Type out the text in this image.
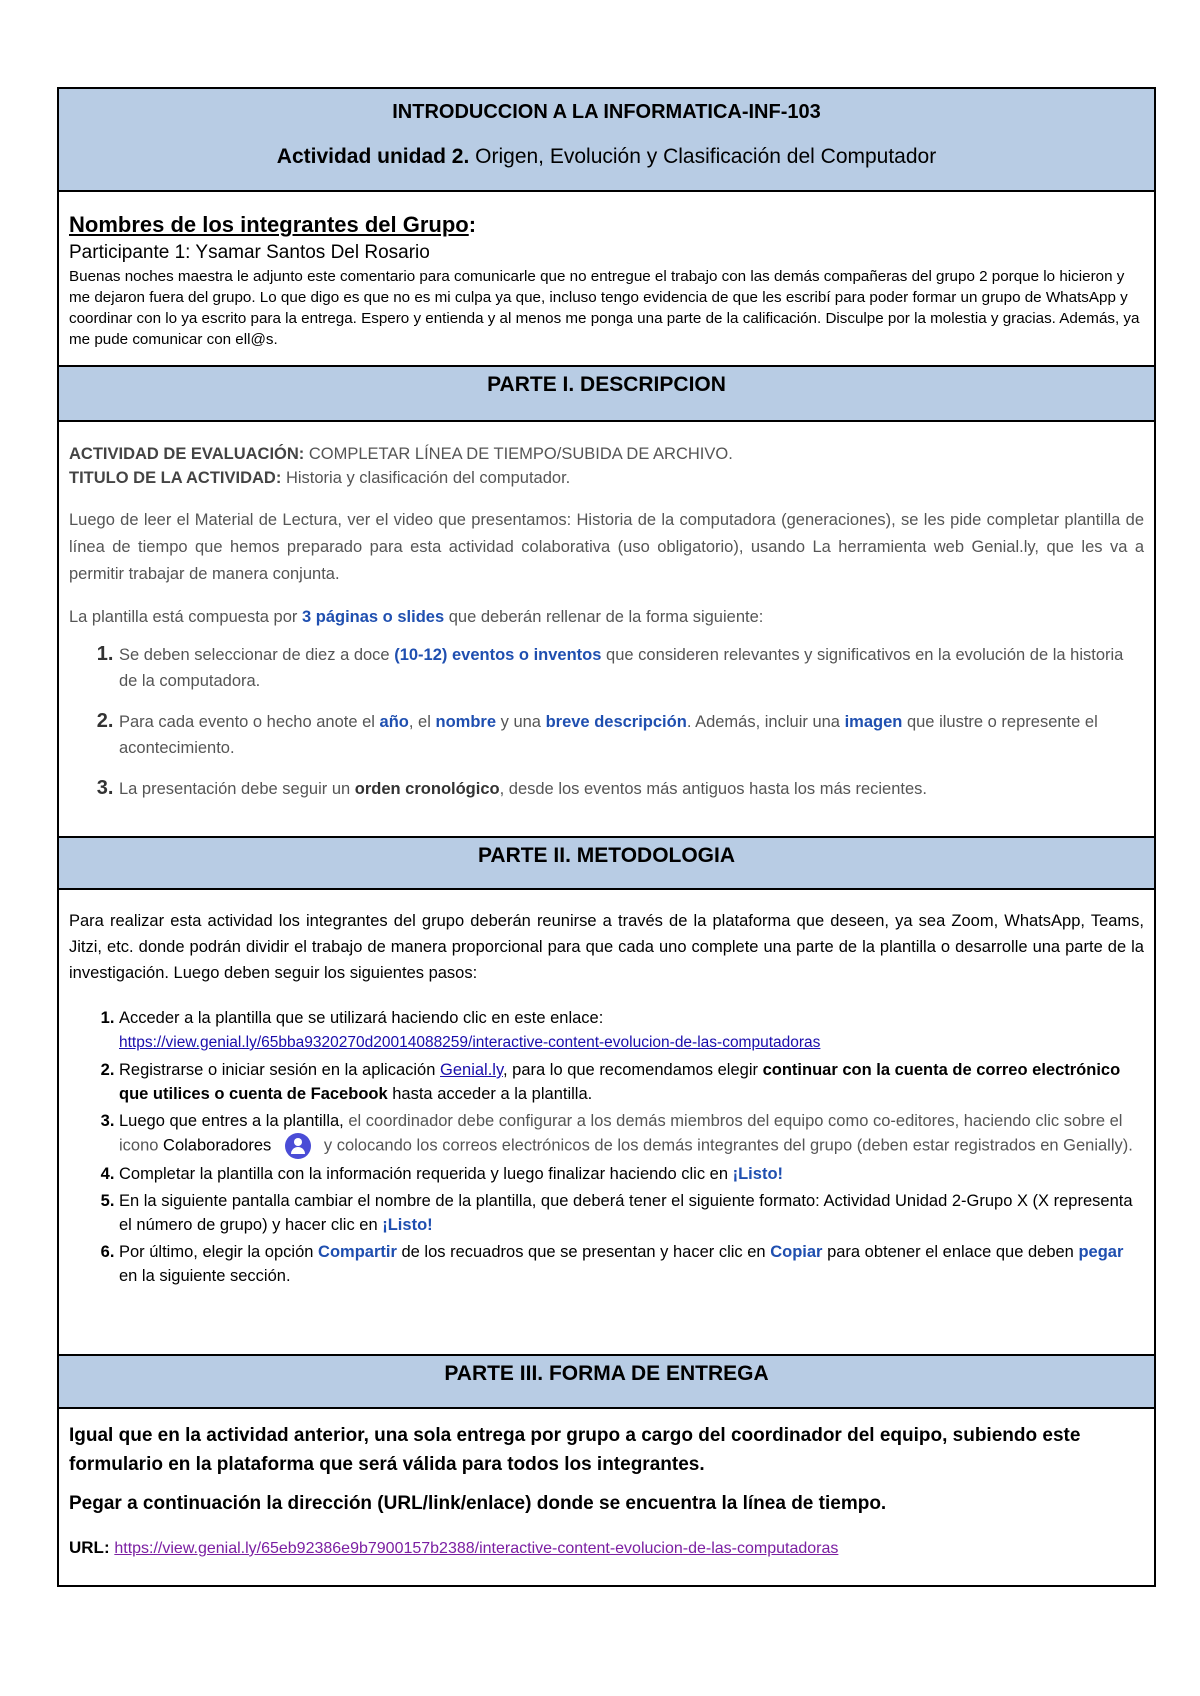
INTRODUCCION A LA INFORMATICA-INF-103
Actividad unidad 2. Origen, Evolución y Clasificación del Computador
Nombres de los integrantes del Grupo:
Participante 1: Ysamar Santos Del Rosario
Buenas noches maestra le adjunto este comentario para comunicarle que no entregue el trabajo con las demás compañeras del grupo 2 porque lo hicieron y me dejaron fuera del grupo. Lo que digo es que no es mi culpa ya que, incluso tengo evidencia de que les escribí para poder formar un grupo de WhatsApp y coordinar con lo ya escrito para la entrega. Espero y entienda y al menos me ponga una parte de la calificación. Disculpe por la molestia y gracias. Además, ya me pude comunicar con ell@s.
PARTE I. DESCRIPCION

ACTIVIDAD DE EVALUACIÓN: COMPLETAR LÍNEA DE TIEMPO/SUBIDA DE ARCHIVO.

TITULO DE LA ACTIVIDAD: Historia y clasificación del computador.

Luego de leer el Material de Lectura, ver el video que presentamos: Historia de la computadora (generaciones), se les pide completar plantilla de línea de tiempo que hemos preparado para esta actividad colaborativa (uso obligatorio), usando La herramienta web Genial.ly, que les va a permitir trabajar de manera conjunta.

La plantilla está compuesta por 3 páginas o slides que deberán rellenar de la forma siguiente:

1. Se deben seleccionar de diez a doce (10-12) eventos o inventos que consideren relevantes y significativos en la evolución de la historia de la computadora.
2. Para cada evento o hecho anote el año, el nombre y una breve descripción. Además, incluir una imagen que ilustre o represente el acontecimiento.
3. La presentación debe seguir un orden cronológico, desde los eventos más antiguos hasta los más recientes.
PARTE II. METODOLOGIA

Para realizar esta actividad los integrantes del grupo deberán reunirse a través de la plataforma que deseen, ya sea Zoom, WhatsApp, Teams, Jitzi, etc. donde podrán dividir el trabajo de manera proporcional para que cada uno complete una parte de la plantilla o desarrolle una parte de la investigación. Luego deben seguir los siguientes pasos:

1. Acceder a la plantilla que se utilizará haciendo clic en este enlace:
https://view.genial.ly/65bba9320270d20014088259/interactive-content-evolucion-de-las-computadoras
2. Registrarse o iniciar sesión en la aplicación Genial.ly, para lo que recomendamos elegir continuar con la cuenta de correo electrónico que utilices o cuenta de Facebook hasta acceder a la plantilla.
3. Luego que entres a la plantilla, el coordinador debe configurar a los demás miembros del equipo como co-editores, haciendo clic sobre el icono Colaboradores	y colocando los correos electrónicos de los demás integrantes del grupo (deben estar registrados en Genially).
4. Completar la plantilla con la información requerida y luego finalizar haciendo clic en ¡Listo!
5. En la siguiente pantalla cambiar el nombre de la plantilla, que deberá tener el siguiente formato: Actividad Unidad 2-Grupo X (X representa el número de grupo) y hacer clic en ¡Listo!
6. Por último, elegir la opción Compartir de los recuadros que se presentan y hacer clic en Copiar para obtener el enlace que deben pegar en la siguiente sección.
PARTE III. FORMA DE ENTREGA

Igual que en la actividad anterior, una sola entrega por grupo a cargo del coordinador del equipo, subiendo este formulario en la plataforma que será válida para todos los integrantes.

Pegar a continuación la dirección (URL/link/enlace) donde se encuentra la línea de tiempo.

URL: https://view.genial.ly/65eb92386e9b7900157b2388/interactive-content-evolucion-de-las-computadoras
